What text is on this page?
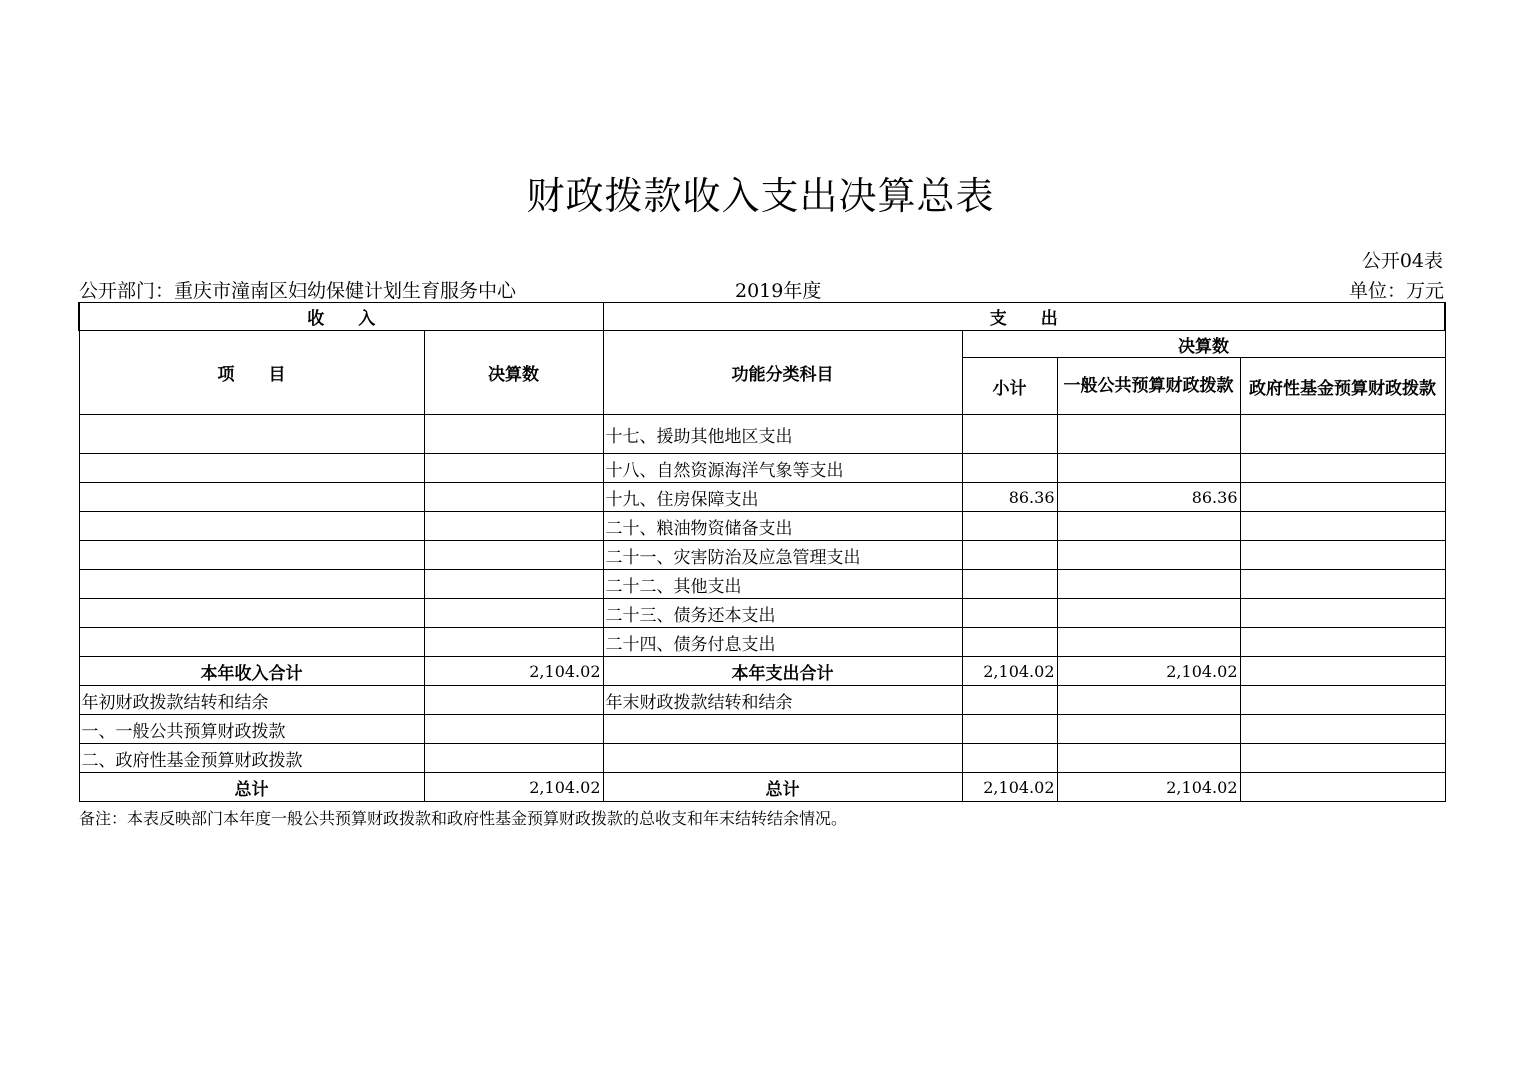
财政拨款收入支出决算总表
公开04表
公开部门：重庆市潼南区妇幼保健计划生育服务中心	2019年度	单位：万元
收　　入		支　　出			
项　　目	决算数	功能分类科目	决算数		
			小计	一般公共预算财政拨款	政府性基金预算财政拨款
		十七、援助其他地区支出			
		十八、自然资源海洋气象等支出			
		十九、住房保障支出	86.36	86.36	
		二十、粮油物资储备支出			
		二十一、灾害防治及应急管理支出			
		二十二、其他支出			
		二十三、债务还本支出			
		二十四、债务付息支出			
本年收入合计	2,104.02	本年支出合计	2,104.02	2,104.02	
年初财政拨款结转和结余		年末财政拨款结转和结余			
一、一般公共预算财政拨款					
二、政府性基金预算财政拨款					
总计	2,104.02	总计	2,104.02	2,104.02	
备注：本表反映部门本年度一般公共预算财政拨款和政府性基金预算财政拨款的总收支和年末结转结余情况。
